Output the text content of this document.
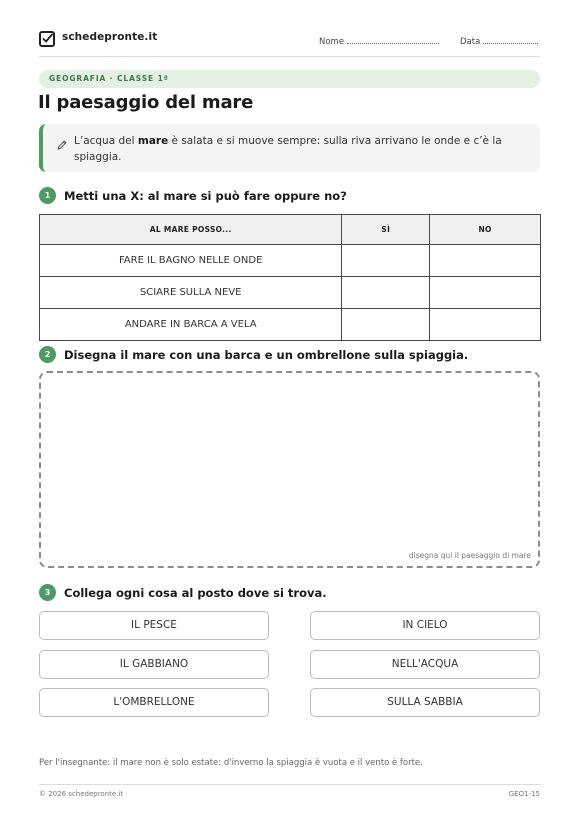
schedepronte.it	Nome	Data
GEOGRAFIA · CLASSE 1ª
Il paesaggio del mare
L’acqua del mare è salata e si muove sempre: sulla riva arrivano le onde e c’è la spiaggia.
1	Metti una X: al mare si può fare oppure no?
AL MARE POSSO...	SÌ	NO
FARE IL BAGNO NELLE ONDE		
SCIARE SULLA NEVE		
ANDARE IN BARCA A VELA		
2	Disegna il mare con una barca e un ombrellone sulla spiaggia.
disegna qui il paesaggio di mare
3	Collega ogni cosa al posto dove si trova.
IL PESCE
IL GABBIANO
L'OMBRELLONE
IN CIELO
NELL'ACQUA
SULLA SABBIA
Per l'insegnante: il mare non è solo estate: d'inverno la spiaggia è vuota e il vento è forte.
© 2026 schedepronte.it	GEO1-15
